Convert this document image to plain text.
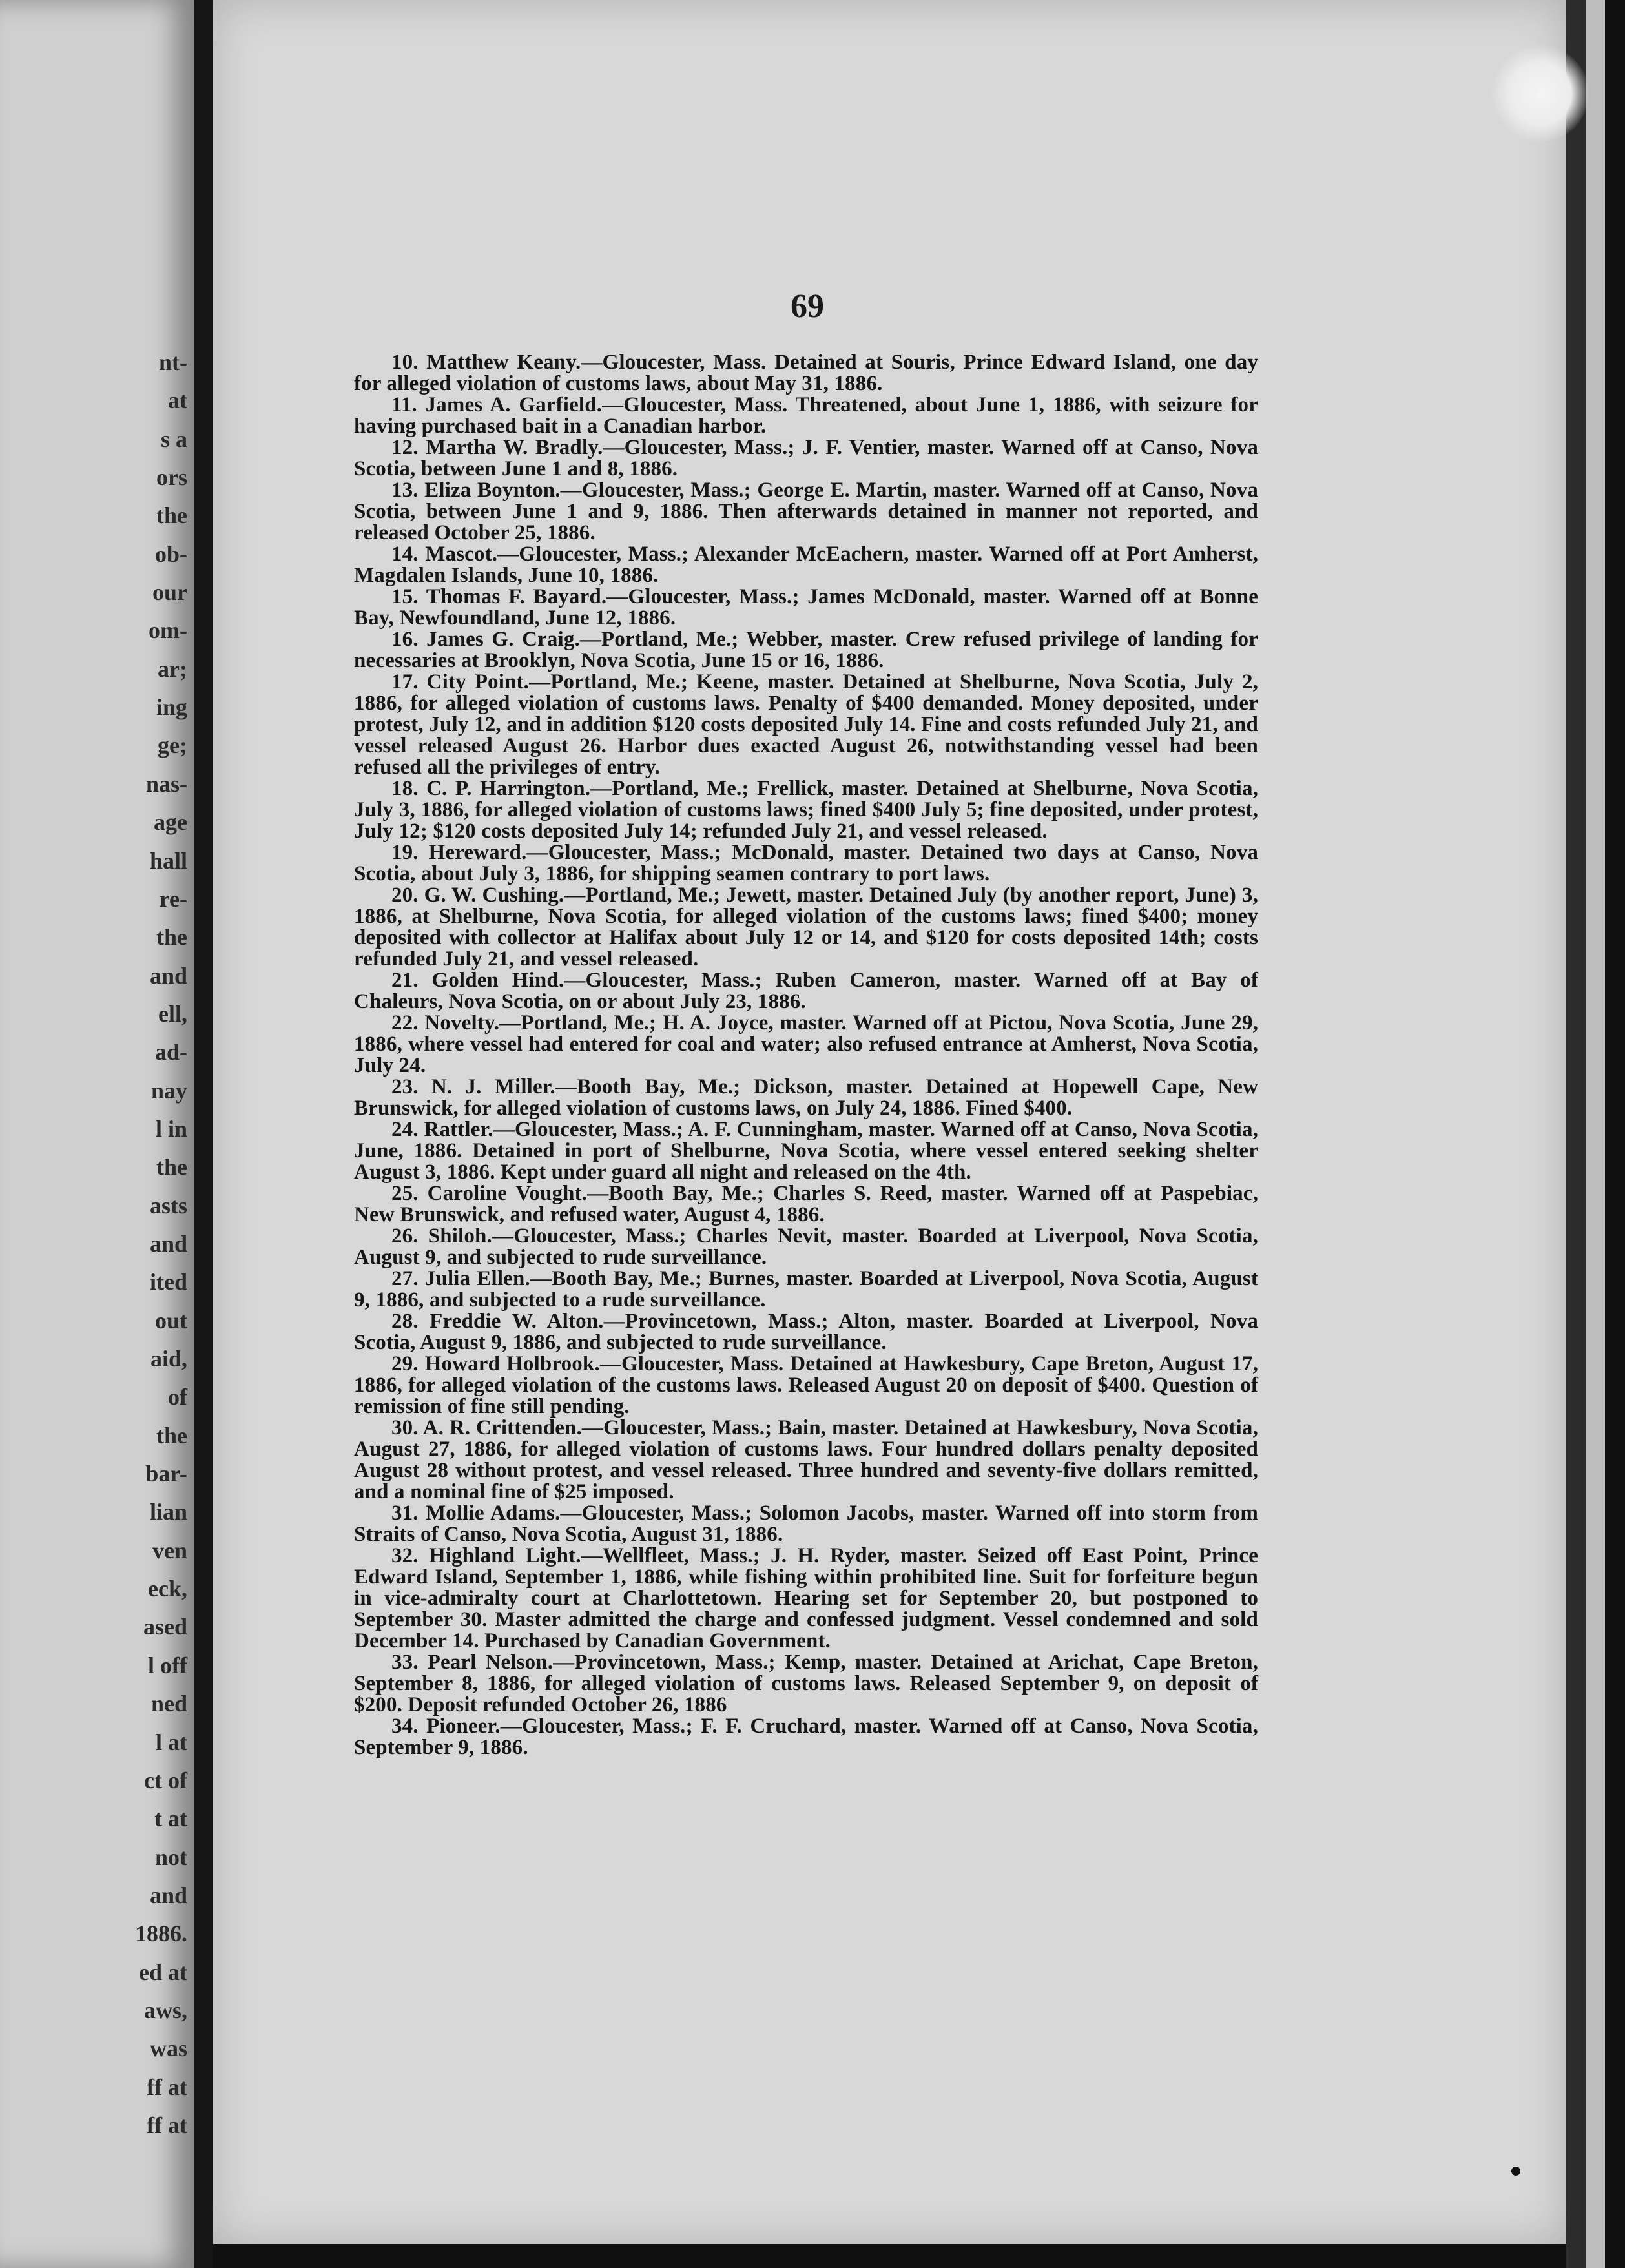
nt-
at
s a
ors
the
ob-
our
om-
ar;
ing
ge;
nas-
age
hall
re-
the
and
ell,
ad-
nay
l in
the
asts
and
ited
out
aid,
of
the
bar-
lian
ven
eck,
ased
l off
ned
l at
ct of
t at
not
and
1886.
ed at
aws,
was
ff at
ff at
69

10. Matthew Keany.—Gloucester, Mass. Detained at Souris, Prince Edward Island, one day for alleged violation of customs laws, about May 31, 1886.

11. James A. Garfield.—Gloucester, Mass. Threatened, about June 1, 1886, with seizure for having purchased bait in a Canadian harbor.

12. Martha W. Bradly.—Gloucester, Mass.; J. F. Ventier, master. Warned off at Canso, Nova Scotia, between June 1 and 8, 1886.

13. Eliza Boynton.—Gloucester, Mass.; George E. Martin, master. Warned off at Canso, Nova Scotia, between June 1 and 9, 1886. Then afterwards detained in manner not reported, and released October 25, 1886.

14. Mascot.—Gloucester, Mass.; Alexander McEachern, master. Warned off at Port Amherst, Magdalen Islands, June 10, 1886.

15. Thomas F. Bayard.—Gloucester, Mass.; James McDonald, master. Warned off at Bonne Bay, Newfoundland, June 12, 1886.

16. James G. Craig.—Portland, Me.; Webber, master. Crew refused privilege of landing for necessaries at Brooklyn, Nova Scotia, June 15 or 16, 1886.

17. City Point.—Portland, Me.; Keene, master. Detained at Shelburne, Nova Scotia, July 2, 1886, for alleged violation of customs laws. Penalty of $400 demanded. Money deposited, under protest, July 12, and in addition $120 costs deposited July 14. Fine and costs refunded July 21, and vessel released August 26. Harbor dues exacted August 26, notwithstanding vessel had been refused all the privileges of entry.

18. C. P. Harrington.—Portland, Me.; Frellick, master. Detained at Shelburne, Nova Scotia, July 3, 1886, for alleged violation of customs laws; fined $400 July 5; fine deposited, under protest, July 12; $120 costs deposited July 14; refunded July 21, and vessel released.

19. Hereward.—Gloucester, Mass.; McDonald, master. Detained two days at Canso, Nova Scotia, about July 3, 1886, for shipping seamen contrary to port laws.

20. G. W. Cushing.—Portland, Me.; Jewett, master. Detained July (by another report, June) 3, 1886, at Shelburne, Nova Scotia, for alleged violation of the customs laws; fined $400; money deposited with collector at Halifax about July 12 or 14, and $120 for costs deposited 14th; costs refunded July 21, and vessel released.

21. Golden Hind.—Gloucester, Mass.; Ruben Cameron, master. Warned off at Bay of Chaleurs, Nova Scotia, on or about July 23, 1886.

22. Novelty.—Portland, Me.; H. A. Joyce, master. Warned off at Pictou, Nova Scotia, June 29, 1886, where vessel had entered for coal and water; also refused entrance at Amherst, Nova Scotia, July 24.

23. N. J. Miller.—Booth Bay, Me.; Dickson, master. Detained at Hopewell Cape, New Brunswick, for alleged violation of customs laws, on July 24, 1886. Fined $400.

24. Rattler.—Gloucester, Mass.; A. F. Cunningham, master. Warned off at Canso, Nova Scotia, June, 1886. Detained in port of Shelburne, Nova Scotia, where vessel entered seeking shelter August 3, 1886. Kept under guard all night and released on the 4th.

25. Caroline Vought.—Booth Bay, Me.; Charles S. Reed, master. Warned off at Paspebiac, New Brunswick, and refused water, August 4, 1886.

26. Shiloh.—Gloucester, Mass.; Charles Nevit, master. Boarded at Liverpool, Nova Scotia, August 9, and subjected to rude surveillance.

27. Julia Ellen.—Booth Bay, Me.; Burnes, master. Boarded at Liverpool, Nova Scotia, August 9, 1886, and subjected to a rude surveillance.

28. Freddie W. Alton.—Provincetown, Mass.; Alton, master. Boarded at Liverpool, Nova Scotia, August 9, 1886, and subjected to rude surveillance.

29. Howard Holbrook.—Gloucester, Mass. Detained at Hawkesbury, Cape Breton, August 17, 1886, for alleged violation of the customs laws. Released August 20 on deposit of $400. Question of remission of fine still pending.

30. A. R. Crittenden.—Gloucester, Mass.; Bain, master. Detained at Hawkesbury, Nova Scotia, August 27, 1886, for alleged violation of customs laws. Four hundred dollars penalty deposited August 28 without protest, and vessel released. Three hundred and seventy-five dollars remitted, and a nominal fine of $25 imposed.

31. Mollie Adams.—Gloucester, Mass.; Solomon Jacobs, master. Warned off into storm from Straits of Canso, Nova Scotia, August 31, 1886.

32. Highland Light.—Wellfleet, Mass.; J. H. Ryder, master. Seized off East Point, Prince Edward Island, September 1, 1886, while fishing within prohibited line. Suit for forfeiture begun in vice-admiralty court at Charlottetown. Hearing set for September 20, but postponed to September 30. Master admitted the charge and confessed judgment. Vessel condemned and sold December 14. Purchased by Canadian Government.

33. Pearl Nelson.—Provincetown, Mass.; Kemp, master. Detained at Arichat, Cape Breton, September 8, 1886, for alleged violation of customs laws. Released September 9, on deposit of $200. Deposit refunded October 26, 1886

34. Pioneer.—Gloucester, Mass.; F. F. Cruchard, master. Warned off at Canso, Nova Scotia, September 9, 1886.
